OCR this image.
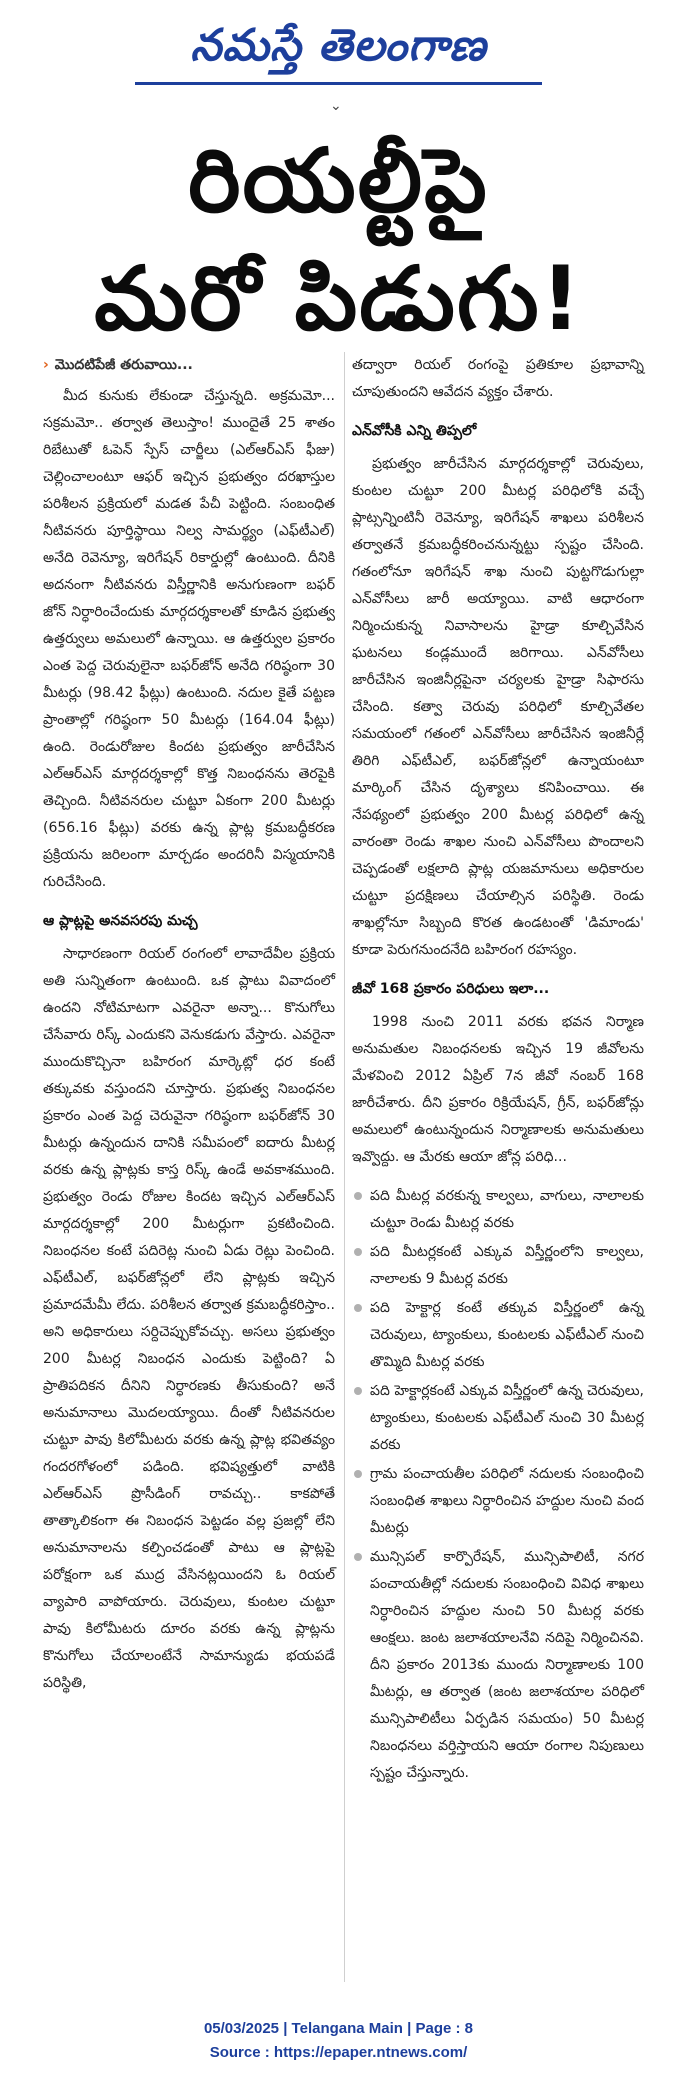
నమస్తే తెలంగాణ
⌄
రియల్టీపై
మరో పిడుగు!

› మొదటిపేజీ తరువాయి...

మీద కునుకు లేకుండా చేస్తున్నది. అక్రమమో... సక్రమమో.. తర్వాత తెలుస్తాం! ముందైతే 25 శాతం రిబేటుతో ఓపెన్ స్పేస్ చార్జీలు (ఎల్‌ఆర్‌ఎస్ ఫీజు) చెల్లించాలంటూ ఆఫర్ ఇచ్చిన ప్రభుత్వం దరఖాస్తుల పరిశీలన ప్రక్రియలో మడత పేచీ పెట్టింది. సంబంధిత నీటివనరు పూర్తిస్థాయి నిల్వ సామర్థ్యం (ఎఫ్‌టీఎల్) అనేది రెవెన్యూ, ఇరిగేషన్ రికార్డుల్లో ఉంటుంది. దీనికి అదనంగా నీటివనరు విస్తీర్ణానికి అనుగుణంగా బఫర్ జోన్ నిర్ధారించేందుకు మార్గదర్శకాలతో కూడిన ప్రభుత్వ ఉత్తర్వులు అమలులో ఉన్నాయి. ఆ ఉత్తర్వుల ప్రకారం ఎంత పెద్ద చెరువులైనా బఫర్‌జోన్ అనేది గరిష్ఠంగా 30 మీటర్లు (98.42 ఫీట్లు) ఉంటుంది. నదుల కైతే పట్టణ ప్రాంతాల్లో గరిష్ఠంగా 50 మీటర్లు (164.04 ఫీట్లు) ఉంది. రెండురోజుల కిందట ప్రభుత్వం జారీచేసిన ఎల్‌ఆర్‌ఎస్ మార్గదర్శకాల్లో కొత్త నిబంధనను తెరపైకి తెచ్చింది. నీటివనరుల చుట్టూ ఏకంగా 200 మీటర్లు (656.16 ఫీట్లు) వరకు ఉన్న ప్లాట్ల క్రమబద్ధీకరణ ప్రక్రియను జరిలంగా మార్చడం అందరినీ విస్మయానికి గురిచేసింది.

ఆ ప్లాట్లపై అనవసరపు మచ్చ

సాధారణంగా రియల్ రంగంలో లావాదేవీల ప్రక్రియ అతి సున్నితంగా ఉంటుంది. ఒక ప్లాటు వివాదంలో ఉందని నోటిమాటగా ఎవరైనా అన్నా... కొనుగోలు చేసేవారు రిస్క్ ఎందుకని వెనుకడుగు వేస్తారు. ఎవరైనా ముందుకొచ్చినా బహిరంగ మార్కెట్లో ధర కంటే తక్కువకు వస్తుందని చూస్తారు. ప్రభుత్వ నిబంధనల ప్రకారం ఎంత పెద్ద చెరువైనా గరిష్ఠంగా బఫర్‌జోన్ 30 మీటర్లు ఉన్నందున దానికి సమీపంలో ఐదారు మీటర్ల వరకు ఉన్న ప్లాట్లకు కాస్త రిస్క్ ఉండే అవకాశముంది. ప్రభుత్వం రెండు రోజుల కిందట ఇచ్చిన ఎల్‌ఆర్‌ఎస్ మార్గదర్శకాల్లో 200 మీటర్లుగా ప్రకటించింది. నిబంధనల కంటే పదిరెట్ల నుంచి ఏడు రెట్లు పెంచింది. ఎఫ్‌టీఎల్, బఫర్‌జోన్లలో లేని ప్లాట్లకు ఇచ్చిన ప్రమాదమేమీ లేదు. పరిశీలన తర్వాత క్రమబద్ధీకరిస్తాం.. అని అధికారులు సర్దిచెప్పుకోవచ్చు. అసలు ప్రభుత్వం 200 మీటర్ల నిబంధన ఎందుకు పెట్టింది? ఏ ప్రాతిపదికన దీనిని నిర్ధారణకు తీసుకుంది? అనే అనుమానాలు మొదలయ్యాయి. దీంతో నీటివనరుల చుట్టూ పావు కిలోమీటరు వరకు ఉన్న ప్లాట్ల భవితవ్యం గందరగోళంలో పడింది. భవిష్యత్తులో వాటికి ఎల్‌ఆర్‌ఎస్ ప్రొసీడింగ్ రావచ్చు.. కాకపోతే తాత్కాలికంగా ఈ నిబంధన పెట్టడం వల్ల ప్రజల్లో లేని అనుమానాలను కల్పించడంతో పాటు ఆ ప్లాట్లపై పరోక్షంగా ఒక ముద్ర వేసినట్లయిందని ఓ రియల్ వ్యాపారి వాపోయారు. చెరువులు, కుంటల చుట్టూ పావు కిలోమీటరు దూరం వరకు ఉన్న ప్లాట్లను కొనుగోలు చేయాలంటేనే సామాన్యుడు భయపడే పరిస్థితి,

తద్వారా రియల్ రంగంపై ప్రతికూల ప్రభావాన్ని చూపుతుందని ఆవేదన వ్యక్తం చేశారు.

ఎన్‌వోసీకి ఎన్ని తిప్పలో

ప్రభుత్వం జారీచేసిన మార్గదర్శకాల్లో చెరువులు, కుంటల చుట్టూ 200 మీటర్ల పరిధిలోకి వచ్చే ప్లాట్సన్నింటినీ రెవెన్యూ, ఇరిగేషన్ శాఖలు పరిశీలన తర్వాతనే క్రమబద్ధీకరించనున్నట్టు స్పష్టం చేసింది. గతంలోనూ ఇరిగేషన్ శాఖ నుంచి పుట్టగొడుగుల్లా ఎన్‌వోసీలు జారీ అయ్యాయి. వాటి ఆధారంగా నిర్మించుకున్న నివాసాలను హైడ్రా కూల్చివేసిన ఘటనలు కండ్లముందే జరిగాయి. ఎన్‌వోసీలు జారీచేసిన ఇంజినీర్లపైనా చర్యలకు హైడ్రా సిఫారసు చేసింది. కత్వా చెరువు పరిధిలో కూల్చివేతల సమయంలో గతంలో ఎన్‌వోసీలు జారీచేసిన ఇంజినీర్లే తిరిగి ఎఫ్‌టీఎల్, బఫర్‌జోన్లలో ఉన్నాయంటూ మార్కింగ్ చేసిన దృశ్యాలు కనిపించాయి. ఈ నేపథ్యంలో ప్రభుత్వం 200 మీటర్ల పరిధిలో ఉన్న వారంతా రెండు శాఖల నుంచి ఎన్‌వోసీలు పొందాలని చెప్పడంతో లక్షలాది ప్లాట్ల యజమానులు అధికారుల చుట్టూ ప్రదక్షిణలు చేయాల్సిన పరిస్థితి. రెండు శాఖల్లోనూ సిబ్బంది కొరత ఉండటంతో 'డిమాండు' కూడా పెరుగనుందనేది బహిరంగ రహస్యం.

జీవో 168 ప్రకారం పరిధులు ఇలా...

1998 నుంచి 2011 వరకు భవన నిర్మాణ అనుమతుల నిబంధనలకు ఇచ్చిన 19 జీవోలను మేళవించి 2012 ఏప్రిల్ 7న జీవో నంబర్ 168 జారీచేశారు. దీని ప్రకారం రిక్రియేషన్, గ్రీన్, బఫర్‌జోన్లు అమలులో ఉంటున్నందున నిర్మాణాలకు అనుమతులు ఇవ్వొద్దు. ఆ మేరకు ఆయా జోన్ల పరిధి...

పది మీటర్ల వరకున్న కాల్వలు, వాగులు, నాలాలకు చుట్టూ రెండు మీటర్ల వరకు
పది మీటర్లకంటే ఎక్కువ విస్తీర్ణంలోని కాల్వలు, నాలాలకు 9 మీటర్ల వరకు
పది హెక్టార్ల కంటే తక్కువ విస్తీర్ణంలో ఉన్న చెరువులు, ట్యాంకులు, కుంటలకు ఎఫ్‌టీఎల్ నుంచి తొమ్మిది మీటర్ల వరకు
పది హెక్టార్లకంటే ఎక్కువ విస్తీర్ణంలో ఉన్న చెరువులు, ట్యాంకులు, కుంటలకు ఎఫ్‌టీఎల్ నుంచి 30 మీటర్ల వరకు
గ్రామ పంచాయతీల పరిధిలో నదులకు సంబంధించి సంబంధిత శాఖలు నిర్ధారించిన హద్దుల నుంచి వంద మీటర్లు
మున్సిపల్ కార్పొరేషన్, మున్సిపాలిటీ, నగర పంచాయతీల్లో నదులకు సంబంధించి వివిధ శాఖలు నిర్ధారించిన హద్దుల నుంచి 50 మీటర్ల వరకు ఆంక్షలు. జంట జలాశయాలనేవి నదిపై నిర్మించినవి. దీని ప్రకారం 2013కు ముందు నిర్మాణాలకు 100 మీటర్లు, ఆ తర్వాత (జంట జలాశయాల పరిధిలో మున్సిపాలిటీలు ఏర్పడిన సమయం) 50 మీటర్ల నిబంధనలు వర్తిస్తాయని ఆయా రంగాల నిపుణులు స్పష్టం చేస్తున్నారు.
05/03/2025 | Telangana Main | Page : 8
Source : https://epaper.ntnews.com/
